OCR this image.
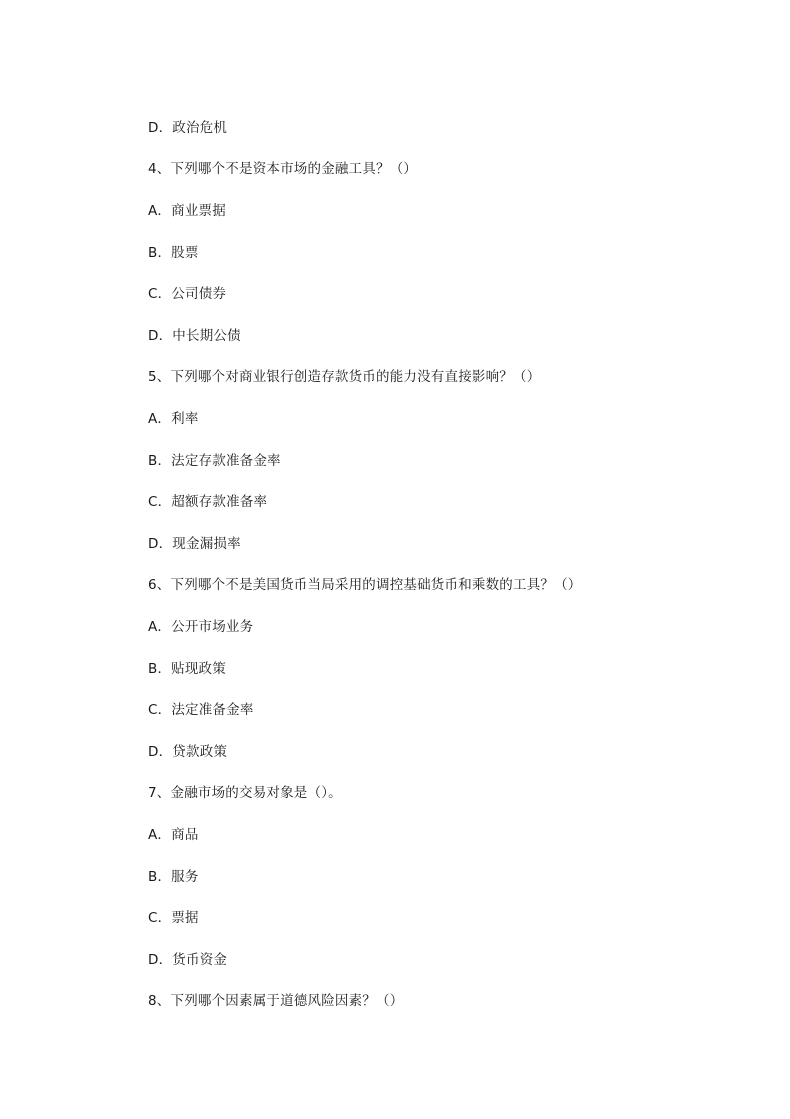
D．政治危机
4、下列哪个不是资本市场的金融工具？（）
A．商业票据
B．股票
C．公司债券
D．中长期公债
5、下列哪个对商业银行创造存款货币的能力没有直接影响？（）
A．利率
B．法定存款准备金率
C．超额存款准备率
D．现金漏损率
6、下列哪个不是美国货币当局采用的调控基础货币和乘数的工具？（）
A．公开市场业务
B．贴现政策
C．法定准备金率
D．贷款政策
7、金融市场的交易对象是（）。
A．商品
B．服务
C．票据
D．货币资金
8、下列哪个因素属于道德风险因素？（）
